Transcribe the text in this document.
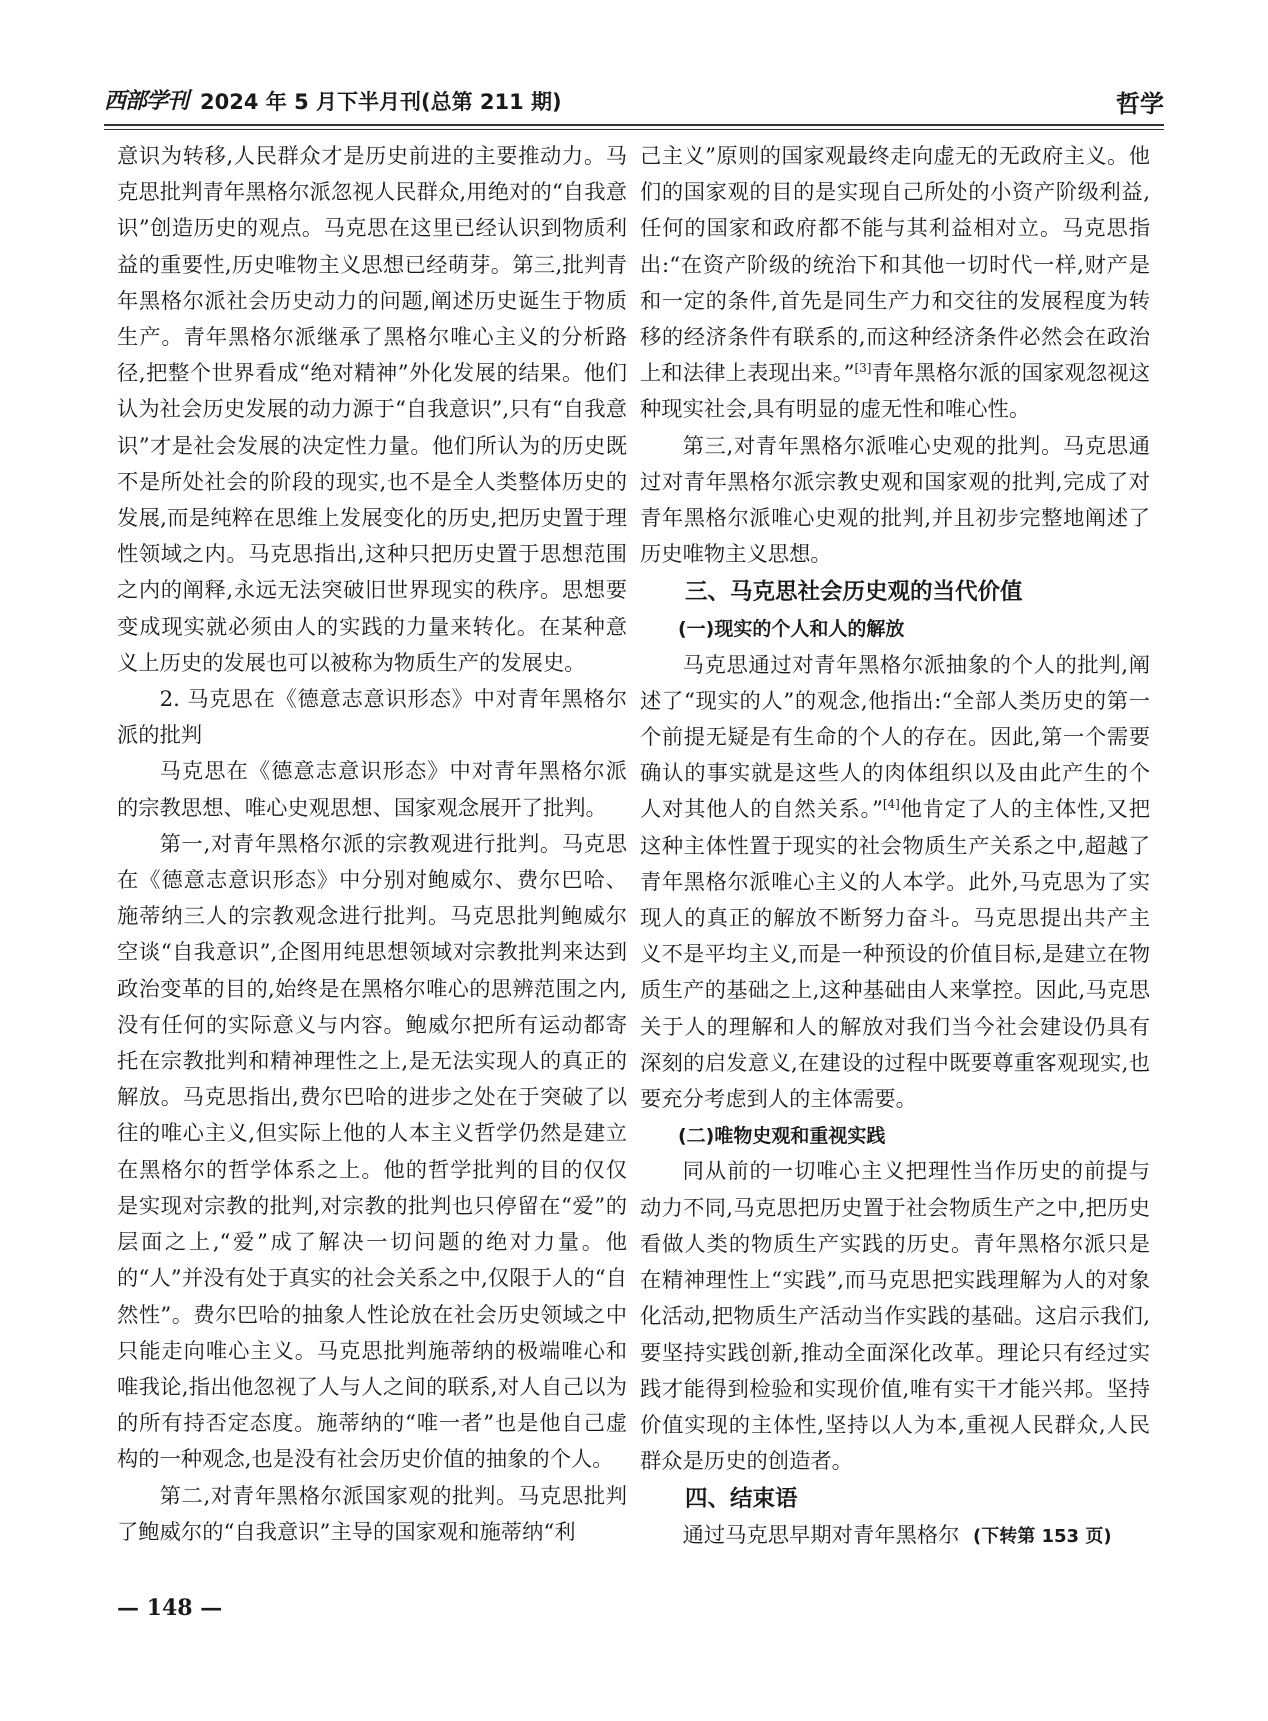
西部学刊 2024 年 5 月下半月刊(总第 211 期)	哲学

意识为转移,人民群众才是历史前进的主要推动力。马克思批判青年黑格尔派忽视人民群众,用绝对的“自我意识”创造历史的观点。马克思在这里已经认识到物质利益的重要性,历史唯物主义思想已经萌芽。第三,批判青年黑格尔派社会历史动力的问题,阐述历史诞生于物质生产。青年黑格尔派继承了黑格尔唯心主义的分析路径,把整个世界看成“绝对精神”外化发展的结果。他们认为社会历史发展的动力源于“自我意识”,只有“自我意识”才是社会发展的决定性力量。他们所认为的历史既不是所处社会的阶段的现实,也不是全人类整体历史的发展,而是纯粹在思维上发展变化的历史,把历史置于理性领域之内。马克思指出,这种只把历史置于思想范围之内的阐释,永远无法突破旧世界现实的秩序。思想要变成现实就必须由人的实践的力量来转化。在某种意义上历史的发展也可以被称为物质生产的发展史。

2. 马克思在《德意志意识形态》中对青年黑格尔派的批判

马克思在《德意志意识形态》中对青年黑格尔派的宗教思想、唯心史观思想、国家观念展开了批判。

第一,对青年黑格尔派的宗教观进行批判。马克思在《德意志意识形态》中分别对鲍威尔、费尔巴哈、施蒂纳三人的宗教观念进行批判。马克思批判鲍威尔空谈“自我意识”,企图用纯思想领域对宗教批判来达到政治变革的目的,始终是在黑格尔唯心的思辨范围之内,没有任何的实际意义与内容。鲍威尔把所有运动都寄托在宗教批判和精神理性之上,是无法实现人的真正的解放。马克思指出,费尔巴哈的进步之处在于突破了以往的唯心主义,但实际上他的人本主义哲学仍然是建立在黑格尔的哲学体系之上。他的哲学批判的目的仅仅是实现对宗教的批判,对宗教的批判也只停留在“爱”的层面之上,“爱”成了解决一切问题的绝对力量。他的“人”并没有处于真实的社会关系之中,仅限于人的“自然性”。费尔巴哈的抽象人性论放在社会历史领域之中只能走向唯心主义。马克思批判施蒂纳的极端唯心和唯我论,指出他忽视了人与人之间的联系,对人自己以为的所有持否定态度。施蒂纳的“唯一者”也是他自己虚构的一种观念,也是没有社会历史价值的抽象的个人。

第二,对青年黑格尔派国家观的批判。马克思批判了鲍威尔的“自我意识”主导的国家观和施蒂纳“利

己主义”原则的国家观最终走向虚无的无政府主义。他们的国家观的目的是实现自己所处的小资产阶级利益,任何的国家和政府都不能与其利益相对立。马克思指出:“在资产阶级的统治下和其他一切时代一样,财产是和一定的条件,首先是同生产力和交往的发展程度为转移的经济条件有联系的,而这种经济条件必然会在政治上和法律上表现出来。”[3]青年黑格尔派的国家观忽视这种现实社会,具有明显的虚无性和唯心性。

第三,对青年黑格尔派唯心史观的批判。马克思通过对青年黑格尔派宗教史观和国家观的批判,完成了对青年黑格尔派唯心史观的批判,并且初步完整地阐述了历史唯物主义思想。

三、马克思社会历史观的当代价值
(一)现实的个人和人的解放

马克思通过对青年黑格尔派抽象的个人的批判,阐述了“现实的人”的观念,他指出:“全部人类历史的第一个前提无疑是有生命的个人的存在。因此,第一个需要确认的事实就是这些人的肉体组织以及由此产生的个人对其他人的自然关系。”[4]他肯定了人的主体性,又把这种主体性置于现实的社会物质生产关系之中,超越了青年黑格尔派唯心主义的人本学。此外,马克思为了实现人的真正的解放不断努力奋斗。马克思提出共产主义不是平均主义,而是一种预设的价值目标,是建立在物质生产的基础之上,这种基础由人来掌控。因此,马克思关于人的理解和人的解放对我们当今社会建设仍具有深刻的启发意义,在建设的过程中既要尊重客观现实,也要充分考虑到人的主体需要。

(二)唯物史观和重视实践

同从前的一切唯心主义把理性当作历史的前提与动力不同,马克思把历史置于社会物质生产之中,把历史看做人类的物质生产实践的历史。青年黑格尔派只是在精神理性上“实践”,而马克思把实践理解为人的对象化活动,把物质生产活动当作实践的基础。这启示我们,要坚持实践创新,推动全面深化改革。理论只有经过实践才能得到检验和实现价值,唯有实干才能兴邦。坚持价值实现的主体性,坚持以人为本,重视人民群众,人民群众是历史的创造者。

四、结束语

通过马克思早期对青年黑格尔 (下转第 153 页)

— 148 —
